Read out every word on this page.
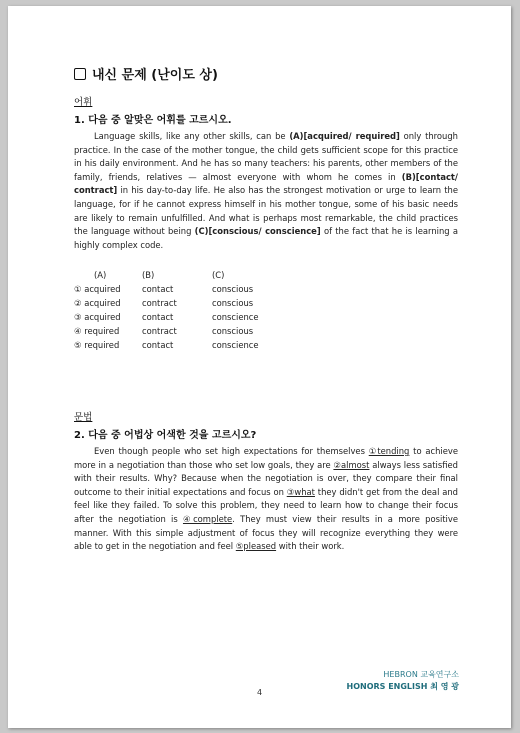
내신 문제 (난이도 상)
어휘
1. 다음 중 알맞은 어휘를 고르시오.
Language skills, like any other skills, can be (A)[acquired/ required] only through practice. In the case of the mother tongue, the child gets sufficient scope for this practice in his daily environment. And he has so many teachers: his parents, other members of the family, friends, relatives — almost everyone with whom he comes in (B)[contact/ contract] in his day-to-day life. He also has the strongest motivation or urge to learn the language, for if he cannot express himself in his mother tongue, some of his basic needs are likely to remain unfulfilled. And what is perhaps most remarkable, the child practices the language without being (C)[conscious/ conscience] of the fact that he is learning a highly complex code.
(A)	(B)	(C)
① acquired	contact	conscious
② acquired	contract	conscious
③ acquired	contact	conscience
④ required	contract	conscious
⑤ required	contact	conscience
문법
2. 다음 중 어법상 어색한 것을 고르시오?
Even though people who set high expectations for themselves ①tending to achieve more in a negotiation than those who set low goals, they are ②almost always less satisfied with their results. Why? Because when the negotiation is over, they compare their final outcome to their initial expectations and focus on ③what they didn't get from the deal and feel like they failed. To solve this problem, they need to learn how to change their focus after the negotiation is ④complete. They must view their results in a more positive manner. With this simple adjustment of focus they will recognize everything they were able to get in the negotiation and feel ⑤pleased with their work.
HEBRON 교육연구소
HONORS ENGLISH 최 영 광
4
